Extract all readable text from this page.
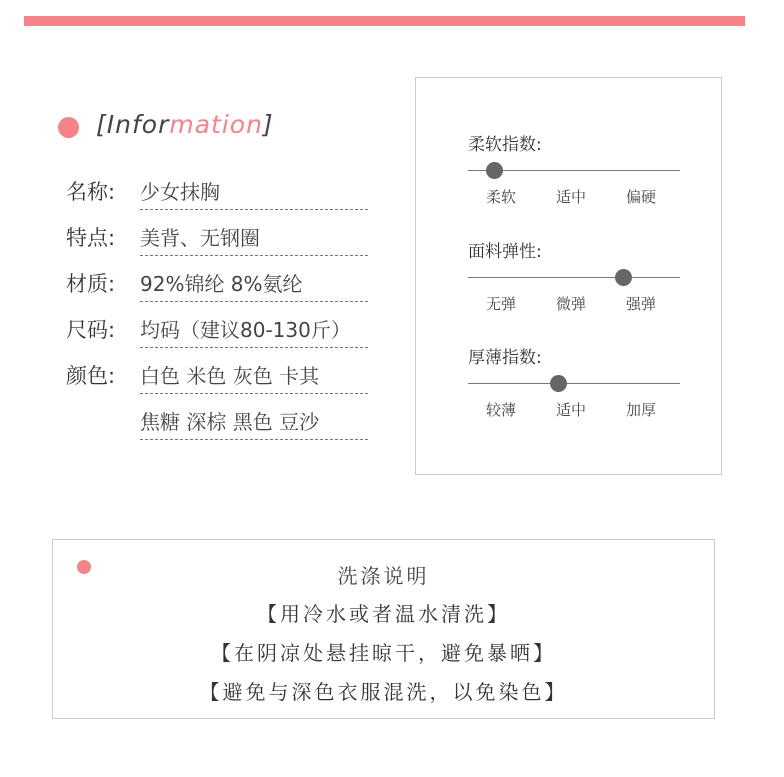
[Information]
名称:	少女抹胸
特点:	美背、无钢圈
材质:	92%锦纶 8%氨纶
尺码:	均码（建议80-130斤）
颜色:	白色 米色 灰色 卡其
焦糖 深棕 黑色 豆沙
柔软指数:
柔软	适中	偏硬
面料弹性:
无弹	微弹	强弹
厚薄指数:
较薄	适中	加厚
洗涤说明
【用冷水或者温水清洗】
【在阴凉处悬挂晾干，避免暴晒】
【避免与深色衣服混洗，以免染色】
